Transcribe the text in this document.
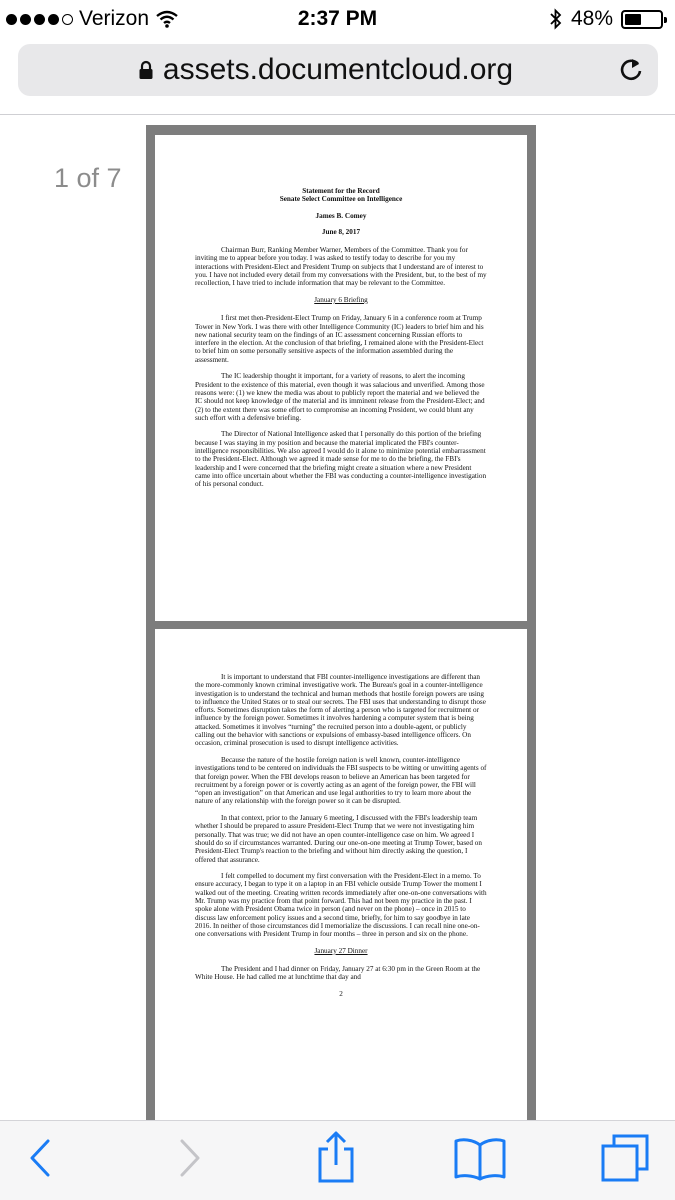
Verizon	2:37 PM	48%
assets.documentcloud.org
1 of 7	Statement for the Record
Senate Select Committee on Intelligence
James B. Comey
June 8, 2017

Chairman Burr, Ranking Member Warner, Members of the Committee. Thank you for inviting me to appear before you today. I was asked to testify today to describe for you my interactions with President-Elect and President Trump on subjects that I understand are of interest to you. I have not included every detail from my conversations with the President, but, to the best of my recollection, I have tried to include information that may be relevant to the Committee.

January 6 Briefing

I first met then-President-Elect Trump on Friday, January 6 in a conference room at Trump Tower in New York. I was there with other Intelligence Community (IC) leaders to brief him and his new national security team on the findings of an IC assessment concerning Russian efforts to interfere in the election. At the conclusion of that briefing, I remained alone with the President-Elect to brief him on some personally sensitive aspects of the information assembled during the assessment.

The IC leadership thought it important, for a variety of reasons, to alert the incoming President to the existence of this material, even though it was salacious and unverified. Among those reasons were: (1) we knew the media was about to publicly report the material and we believed the IC should not keep knowledge of the material and its imminent release from the President-Elect; and (2) to the extent there was some effort to compromise an incoming President, we could blunt any such effort with a defensive briefing.

The Director of National Intelligence asked that I personally do this portion of the briefing because I was staying in my position and because the material implicated the FBI's counter-intelligence responsibilities. We also agreed I would do it alone to minimize potential embarrassment to the President-Elect. Although we agreed it made sense for me to do the briefing, the FBI's leadership and I were concerned that the briefing might create a situation where a new President came into office uncertain about whether the FBI was conducting a counter-intelligence investigation of his personal conduct.

It is important to understand that FBI counter-intelligence investigations are different than the more-commonly known criminal investigative work. The Bureau's goal in a counter-intelligence investigation is to understand the technical and human methods that hostile foreign powers are using to influence the United States or to steal our secrets. The FBI uses that understanding to disrupt those efforts. Sometimes disruption takes the form of alerting a person who is targeted for recruitment or influence by the foreign power. Sometimes it involves hardening a computer system that is being attacked. Sometimes it involves “turning” the recruited person into a double-agent, or publicly calling out the behavior with sanctions or expulsions of embassy-based intelligence officers. On occasion, criminal prosecution is used to disrupt intelligence activities.

Because the nature of the hostile foreign nation is well known, counter-intelligence investigations tend to be centered on individuals the FBI suspects to be witting or unwitting agents of that foreign power. When the FBI develops reason to believe an American has been targeted for recruitment by a foreign power or is covertly acting as an agent of the foreign power, the FBI will “open an investigation” on that American and use legal authorities to try to learn more about the nature of any relationship with the foreign power so it can be disrupted.

In that context, prior to the January 6 meeting, I discussed with the FBI's leadership team whether I should be prepared to assure President-Elect Trump that we were not investigating him personally. That was true; we did not have an open counter-intelligence case on him. We agreed I should do so if circumstances warranted. During our one-on-one meeting at Trump Tower, based on President-Elect Trump's reaction to the briefing and without him directly asking the question, I offered that assurance.

I felt compelled to document my first conversation with the President-Elect in a memo. To ensure accuracy, I began to type it on a laptop in an FBI vehicle outside Trump Tower the moment I walked out of the meeting. Creating written records immediately after one-on-one conversations with Mr. Trump was my practice from that point forward. This had not been my practice in the past. I spoke alone with President Obama twice in person (and never on the phone) – once in 2015 to discuss law enforcement policy issues and a second time, briefly, for him to say goodbye in late 2016. In neither of those circumstances did I memorialize the discussions. I can recall nine one-on-one conversations with President Trump in four months – three in person and six on the phone.

January 27 Dinner

The President and I had dinner on Friday, January 27 at 6:30 pm in the Green Room at the White House. He had called me at lunchtime that day and

2
